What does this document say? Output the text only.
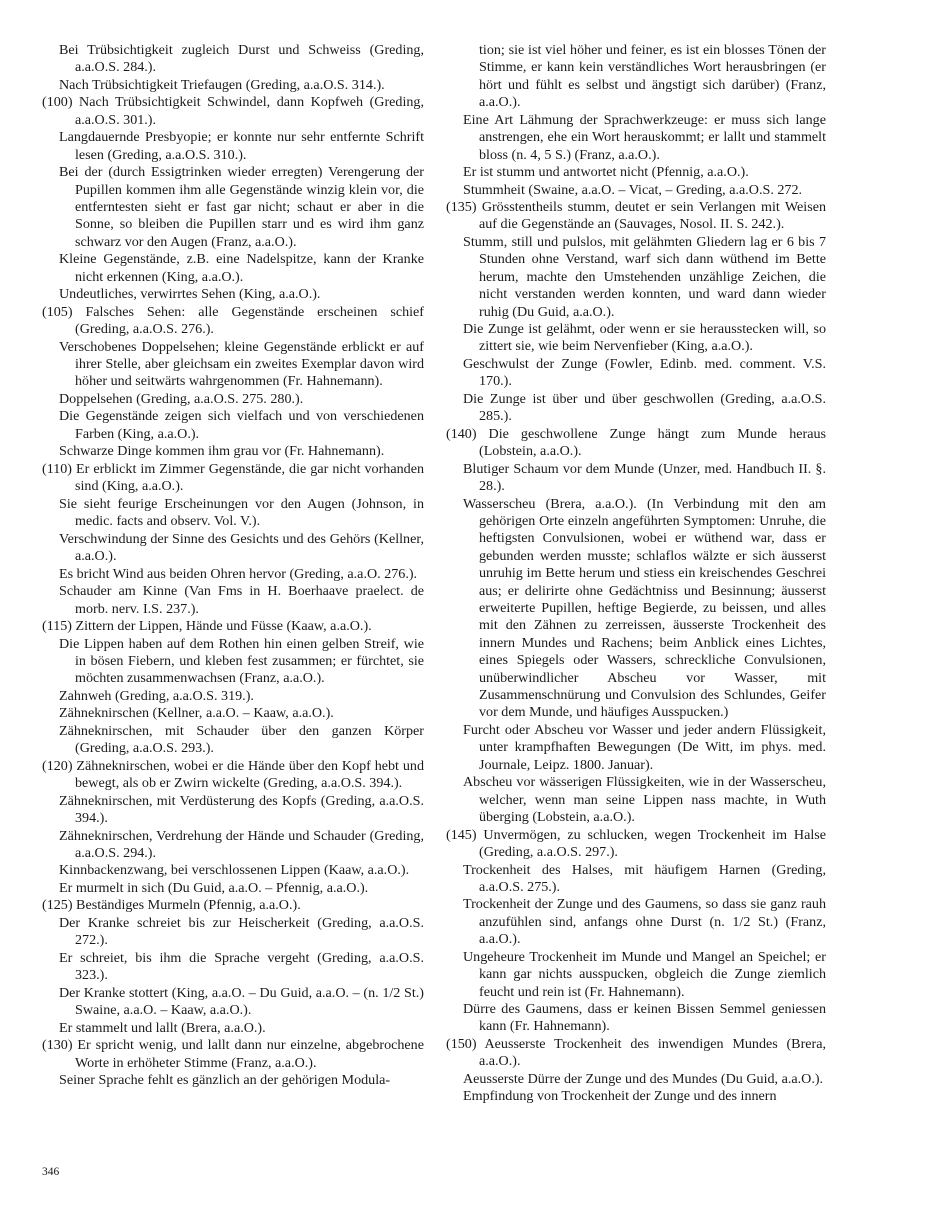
Bei Trübsichtigkeit zugleich Durst und Schweiss (Greding, a.a.O.S. 284.).

Nach Trübsichtigkeit Triefaugen (Greding, a.a.O.S. 314.).

(100) Nach Trübsichtigkeit Schwindel, dann Kopfweh (Greding, a.a.O.S. 301.).

Langdauernde Presbyopie; er konnte nur sehr entfernte Schrift lesen (Greding, a.a.O.S. 310.).

Bei der (durch Essigtrinken wieder erregten) Verengerung der Pupillen kommen ihm alle Gegenstände winzig klein vor, die entferntesten sieht er fast gar nicht; schaut er aber in die Sonne, so bleiben die Pupillen starr und es wird ihm ganz schwarz vor den Augen (Franz, a.a.O.).

Kleine Gegenstände, z.B. eine Nadelspitze, kann der Kranke nicht erkennen (King, a.a.O.).

Undeutliches, verwirrtes Sehen (King, a.a.O.).

(105) Falsches Sehen: alle Gegenstände erscheinen schief (Greding, a.a.O.S. 276.).

Verschobenes Doppelsehen; kleine Gegenstände erblickt er auf ihrer Stelle, aber gleichsam ein zweites Exemplar davon wird höher und seitwärts wahrgenommen (Fr. Hahnemann).

Doppelsehen (Greding, a.a.O.S. 275. 280.).

Die Gegenstände zeigen sich vielfach und von verschiedenen Farben (King, a.a.O.).

Schwarze Dinge kommen ihm grau vor (Fr. Hahnemann).

(110) Er erblickt im Zimmer Gegenstände, die gar nicht vorhanden sind (King, a.a.O.).

Sie sieht feurige Erscheinungen vor den Augen (Johnson, in medic. facts and observ. Vol. V.).

Verschwindung der Sinne des Gesichts und des Gehörs (Kellner, a.a.O.).

Es bricht Wind aus beiden Ohren hervor (Greding, a.a.O. 276.).

Schauder am Kinne (Van Fms in H. Boerhaave praelect. de morb. nerv. I.S. 237.).

(115) Zittern der Lippen, Hände und Füsse (Kaaw, a.a.O.).

Die Lippen haben auf dem Rothen hin einen gelben Streif, wie in bösen Fiebern, und kleben fest zusammen; er fürchtet, sie möchten zusammenwachsen (Franz, a.a.O.).

Zahnweh (Greding, a.a.O.S. 319.).

Zähneknirschen (Kellner, a.a.O. – Kaaw, a.a.O.).

Zähneknirschen, mit Schauder über den ganzen Körper (Greding, a.a.O.S. 293.).

(120) Zähneknirschen, wobei er die Hände über den Kopf hebt und bewegt, als ob er Zwirn wickelte (Greding, a.a.O.S. 394.).

Zähneknirschen, mit Verdüsterung des Kopfs (Greding, a.a.O.S. 394.).

Zähneknirschen, Verdrehung der Hände und Schauder (Greding, a.a.O.S. 294.).

Kinnbackenzwang, bei verschlossenen Lippen (Kaaw, a.a.O.).

Er murmelt in sich (Du Guid, a.a.O. – Pfennig, a.a.O.).

(125) Beständiges Murmeln (Pfennig, a.a.O.).

Der Kranke schreiet bis zur Heischerkeit (Greding, a.a.O.S. 272.).

Er schreiet, bis ihm die Sprache vergeht (Greding, a.a.O.S. 323.).

Der Kranke stottert (King, a.a.O. – Du Guid, a.a.O. – (n. 1/2 St.) Swaine, a.a.O. – Kaaw, a.a.O.).

Er stammelt und lallt (Brera, a.a.O.).

(130) Er spricht wenig, und lallt dann nur einzelne, abgebrochene Worte in erhöheter Stimme (Franz, a.a.O.).

Seiner Sprache fehlt es gänzlich an der gehörigen Modula-

tion; sie ist viel höher und feiner, es ist ein blosses Tönen der Stimme, er kann kein verständliches Wort herausbringen (er hört und fühlt es selbst und ängstigt sich darüber) (Franz, a.a.O.).

Eine Art Lähmung der Sprachwerkzeuge: er muss sich lange anstrengen, ehe ein Wort herauskommt; er lallt und stammelt bloss (n. 4, 5 S.) (Franz, a.a.O.).

Er ist stumm und antwortet nicht (Pfennig, a.a.O.).

Stummheit (Swaine, a.a.O. – Vicat, – Greding, a.a.O.S. 272.

(135) Grösstentheils stumm, deutet er sein Verlangen mit Weisen auf die Gegenstände an (Sauvages, Nosol. II. S. 242.).

Stumm, still und pulslos, mit gelähmten Gliedern lag er 6 bis 7 Stunden ohne Verstand, warf sich dann wüthend im Bette herum, machte den Umstehenden unzählige Zeichen, die nicht verstanden werden konnten, und ward dann wieder ruhig (Du Guid, a.a.O.).

Die Zunge ist gelähmt, oder wenn er sie herausstecken will, so zittert sie, wie beim Nervenfieber (King, a.a.O.).

Geschwulst der Zunge (Fowler, Edinb. med. comment. V.S. 170.).

Die Zunge ist über und über geschwollen (Greding, a.a.O.S. 285.).

(140) Die geschwollene Zunge hängt zum Munde heraus (Lobstein, a.a.O.).

Blutiger Schaum vor dem Munde (Unzer, med. Handbuch II. §. 28.).

Wasserscheu (Brera, a.a.O.). (In Verbindung mit den am gehörigen Orte einzeln angeführten Symptomen: Unruhe, die heftigsten Convulsionen, wobei er wüthend war, dass er gebunden werden musste; schlaflos wälzte er sich äusserst unruhig im Bette herum und stiess ein kreischendes Geschrei aus; er delirirte ohne Gedächtniss und Besinnung; äusserst erweiterte Pupillen, heftige Begierde, zu beissen, und alles mit den Zähnen zu zerreissen, äusserste Trockenheit des innern Mundes und Rachens; beim Anblick eines Lichtes, eines Spiegels oder Wassers, schreckliche Convulsionen, unüberwindlicher Abscheu vor Wasser, mit Zusammenschnürung und Convulsion des Schlundes, Geifer vor dem Munde, und häufiges Ausspucken.)

Furcht oder Abscheu vor Wasser und jeder andern Flüssigkeit, unter krampfhaften Bewegungen (De Witt, im phys. med. Journale, Leipz. 1800. Januar).

Abscheu vor wässerigen Flüssigkeiten, wie in der Wasserscheu, welcher, wenn man seine Lippen nass machte, in Wuth überging (Lobstein, a.a.O.).

(145) Unvermögen, zu schlucken, wegen Trockenheit im Halse (Greding, a.a.O.S. 297.).

Trockenheit des Halses, mit häufigem Harnen (Greding, a.a.O.S. 275.).

Trockenheit der Zunge und des Gaumens, so dass sie ganz rauh anzufühlen sind, anfangs ohne Durst (n. 1/2 St.) (Franz, a.a.O.).

Ungeheure Trockenheit im Munde und Mangel an Speichel; er kann gar nichts ausspucken, obgleich die Zunge ziemlich feucht und rein ist (Fr. Hahnemann).

Dürre des Gaumens, dass er keinen Bissen Semmel geniessen kann (Fr. Hahnemann).

(150) Aeusserste Trockenheit des inwendigen Mundes (Brera, a.a.O.).

Aeusserste Dürre der Zunge und des Mundes (Du Guid, a.a.O.).

Empfindung von Trockenheit der Zunge und des innern

346
